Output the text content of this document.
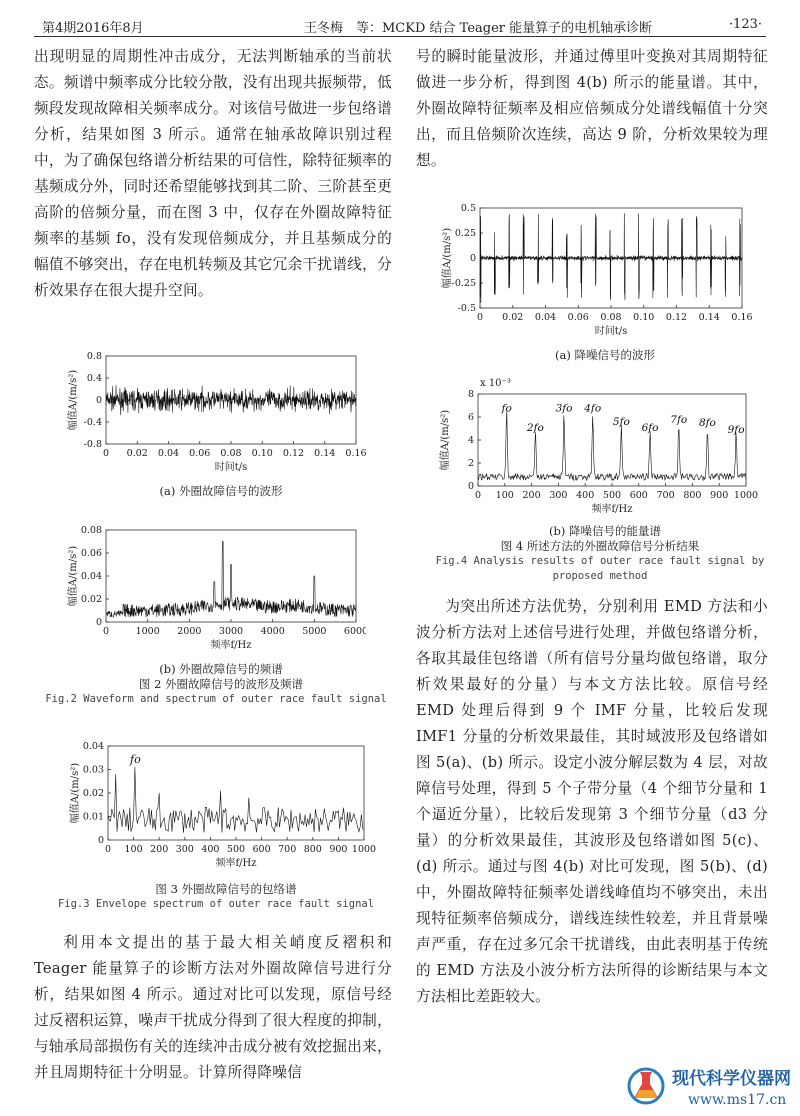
第4期2016年8月	王冬梅　等：MCKD 结合 Teager 能量算子的电机轴承诊断	·123·

出现明显的周期性冲击成分，无法判断轴承的当前状态。频谱中频率成分比较分散，没有出现共振频带，低频段发现故障相关频率成分。对该信号做进一步包络谱分析，结果如图 3 所示。通常在轴承故障识别过程中，为了确保包络谱分析结果的可信性，除特征频率的基频成分外，同时还希望能够找到其二阶、三阶甚至更高阶的倍频分量，而在图 3 中，仅存在外圈故障特征频率的基频 fo，没有发现倍频成分，并且基频成分的幅值不够突出，存在电机转频及其它冗余干扰谱线，分析效果存在很大提升空间。

0 0.02 0.04 0.06 0.08 0.10 0.12 0.14 0.16
0.8
0.4
0
-0.4
-0.8
时间t/s
幅值A/(m/s²)

(a) 外圈故障信号的波形

0	1000 2000 3000 4000 5000 6000
0.08
0.06
0.04
0.02
0
频率f/Hz
幅值A/(m/s²)

(b) 外圈故障信号的频谱

图 2 外圈故障信号的波形及频谱

Fig.2 Waveform and spectrum of outer race fault signal

0 100 200 300 400 500 600 700 800 900 1000
0.04
0.03
0.02
0.01
0
频率f/Hz
幅值A/(m/s²)
fo

图 3 外圈故障信号的包络谱

Fig.3 Envelope spectrum of outer race fault signal

利用本文提出的基于最大相关峭度反褶积和 Teager 能量算子的诊断方法对外圈故障信号进行分析，结果如图 4 所示。通过对比可以发现，原信号经过反褶积运算，噪声干扰成分得到了很大程度的抑制，与轴承局部损伤有关的连续冲击成分被有效挖掘出来，并且周期特征十分明显。计算所得降噪信

号的瞬时能量波形，并通过傅里叶变换对其周期特征做进一步分析，得到图 4(b) 所示的能量谱。其中，外圈故障特征频率及相应倍频成分处谱线幅值十分突出，而且倍频阶次连续，高达 9 阶，分析效果较为理想。

0 0.02 0.04 0.06 0.08 0.10 0.12 0.14 0.16
0.5
0.25
0
-0.25
-0.5
时间t/s
幅值A/(m/s²)

(a) 降噪信号的波形

0 100 200 300 400 500 600 700 800 900 1000
8
6
4
2
0
频率f/Hz
幅值A/(m/s²)
x 10⁻³
fo
2fo
3fo 4fo
5fo 6fo
7fo 8fo
9fo

(b) 降噪信号的能量谱

图 4 所述方法的外圈故障信号分析结果

Fig.4 Analysis results of outer race fault signal by

proposed method

为突出所述方法优势，分别利用 EMD 方法和小波分析方法对上述信号进行处理，并做包络谱分析，各取其最佳包络谱（所有信号分量均做包络谱，取分析效果最好的分量）与本文方法比较。原信号经 EMD 处理后得到 9 个 IMF 分量，比较后发现 IMF1 分量的分析效果最佳，其时域波形及包络谱如图 5(a)、(b) 所示。设定小波分解层数为 4 层，对故障信号处理，得到 5 个子带分量（4 个细节分量和 1 个逼近分量），比较后发现第 3 个细节分量（d3 分量）的分析效果最佳，其波形及包络谱如图 5(c)、(d) 所示。通过与图 4(b) 对比可发现，图 5(b)、(d) 中，外圈故障特征频率处谱线峰值均不够突出，未出现特征频率倍频成分，谱线连续性较差，并且背景噪声严重，存在过多冗余干扰谱线，由此表明基于传统的 EMD 方法及小波分析方法所得的诊断结果与本文方法相比差距较大。

现代科学仪器网
www.ms17.cn
